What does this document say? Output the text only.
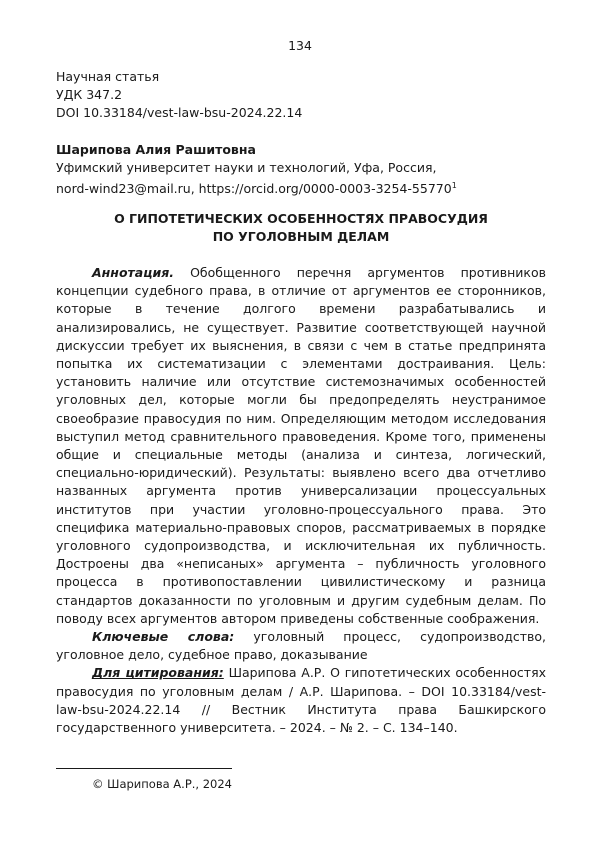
134
Научная статья
УДК 347.2
DOI 10.33184/vest-law-bsu-2024.22.14
Шарипова Алия Рашитовна
Уфимский университет науки и технологий, Уфа, Россия,
nord-wind23@mail.ru, https://orcid.org/0000-0003-3254-55770$^1$
О ГИПОТЕТИЧЕСКИХ ОСОБЕННОСТЯХ ПРАВОСУДИЯ
ПО УГОЛОВНЫМ ДЕЛАМ

Аннотация. Обобщенного перечня аргументов противников концепции судебного права, в отличие от аргументов ее сторонников, которые в течение долгого времени разрабатывались и анализировались, не существует. Развитие соответствующей научной дискуссии требует их выяснения, в связи с чем в статье предпринята попытка их систематизации с элементами достраивания. Цель: установить наличие или отсутствие системозначимых особенностей уголовных дел, которые могли бы предопределять неустранимое своеобразие правосудия по ним. Определяющим методом исследования выступил метод сравнительного правоведения. Кроме того, применены общие и специальные методы (анализа и синтеза, логический, специально-юридический). Результаты: выявлено всего два отчетливо названных аргумента против универсализации процессуальных институтов при участии уголовно-процессуального права. Это специфика материально-правовых споров, рассматриваемых в порядке уголовного судопроизводства, и исключительная их публичность. Достроены два «неписаных» аргумента – публичность уголовного процесса в противопоставлении цивилистическому и разница стандартов доказанности по уголовным и другим судебным делам. По поводу всех аргументов автором приведены собственные соображения.

Ключевые слова: уголовный процесс, судопроизводство, уголовное дело, судебное право, доказывание

Для цитирования: Шарипова А.Р. О гипотетических особенностях правосудия по уголовным делам / А.Р. Шарипова. – DOI 10.33184/vest-law-bsu-2024.22.14 // Вестник Института права Башкирского государственного университета. – 2024. – № 2. – С. 134–140.

© Шарипова А.Р., 2024
